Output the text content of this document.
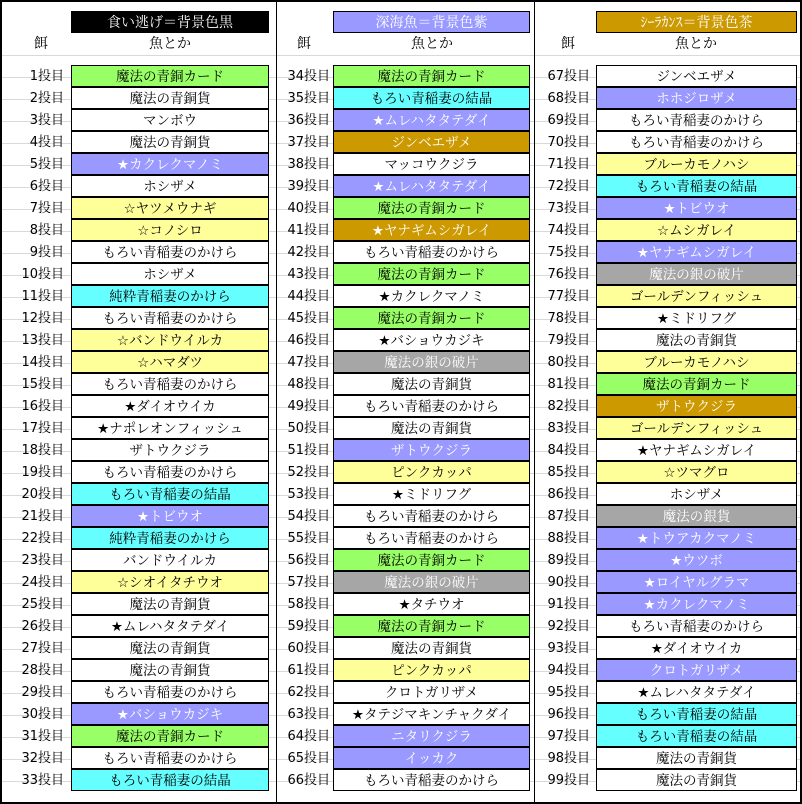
食い逃げ＝背景色黒	深海魚＝背景色紫	ｼｰﾗｶﾝｽ＝背景色茶
餌	魚とか	餌	魚とか	餌	魚とか
1投目	魔法の青銅カード
2投目	魔法の青銅貨
3投目	マンボウ
4投目	魔法の青銅貨
5投目	★カクレクマノミ
6投目	ホシザメ
7投目	☆ヤツメウナギ
8投目	☆コノシロ
9投目	もろい青稲妻のかけら
10投目	ホシザメ
11投目	純粋青稲妻のかけら
12投目	もろい青稲妻のかけら
13投目	☆バンドウイルカ
14投目	☆ハマダツ
15投目	もろい青稲妻のかけら
16投目	★ダイオウイカ
17投目	★ナポレオンフィッシュ
18投目	ザトウクジラ
19投目	もろい青稲妻のかけら
20投目	もろい青稲妻の結晶
21投目	★トビウオ
22投目	純粋青稲妻のかけら
23投目	バンドウイルカ
24投目	☆シオイタチウオ
25投目	魔法の青銅貨
26投目	★ムレハタタテダイ
27投目	魔法の青銅貨
28投目	魔法の青銅貨
29投目	もろい青稲妻のかけら
30投目	★バショウカジキ
31投目	魔法の青銅カード
32投目	もろい青稲妻のかけら
33投目	もろい青稲妻の結晶
34投目	魔法の青銅カード
35投目	もろい青稲妻の結晶
36投目	★ムレハタタテダイ
37投目	ジンベエザメ
38投目	マッコウクジラ
39投目	★ムレハタタテダイ
40投目	魔法の青銅カード
41投目	★ヤナギムシガレイ
42投目	もろい青稲妻のかけら
43投目	魔法の青銅カード
44投目	★カクレクマノミ
45投目	魔法の青銅カード
46投目	★バショウカジキ
47投目	魔法の銀の破片
48投目	魔法の青銅貨
49投目	もろい青稲妻のかけら
50投目	魔法の青銅貨
51投目	ザトウクジラ
52投目	ピンクカッパ
53投目	★ミドリフグ
54投目	もろい青稲妻のかけら
55投目	もろい青稲妻のかけら
56投目	魔法の青銅カード
57投目	魔法の銀の破片
58投目	★タチウオ
59投目	魔法の青銅カード
60投目	魔法の青銅貨
61投目	ピンクカッパ
62投目	クロトガリザメ
63投目	★タテジマキンチャクダイ
64投目	ニタリクジラ
65投目	イッカク
66投目	もろい青稲妻のかけら
67投目	ジンベエザメ
68投目	ホホジロザメ
69投目	もろい青稲妻のかけら
70投目	もろい青稲妻のかけら
71投目	ブルーカモノハシ
72投目	もろい青稲妻の結晶
73投目	★トビウオ
74投目	☆ムシガレイ
75投目	★ヤナギムシガレイ
76投目	魔法の銀の破片
77投目	ゴールデンフィッシュ
78投目	★ミドリフグ
79投目	魔法の青銅貨
80投目	ブルーカモノハシ
81投目	魔法の青銅カード
82投目	ザトウクジラ
83投目	ゴールデンフィッシュ
84投目	★ヤナギムシガレイ
85投目	☆ツマグロ
86投目	ホシザメ
87投目	魔法の銀貨
88投目	★トウアカクマノミ
89投目	★ウツボ
90投目	★ロイヤルグラマ
91投目	★カクレクマノミ
92投目	もろい青稲妻のかけら
93投目	★ダイオウイカ
94投目	クロトガリザメ
95投目	★ムレハタタテダイ
96投目	もろい青稲妻の結晶
97投目	もろい青稲妻の結晶
98投目	魔法の青銅貨
99投目	魔法の青銅貨
